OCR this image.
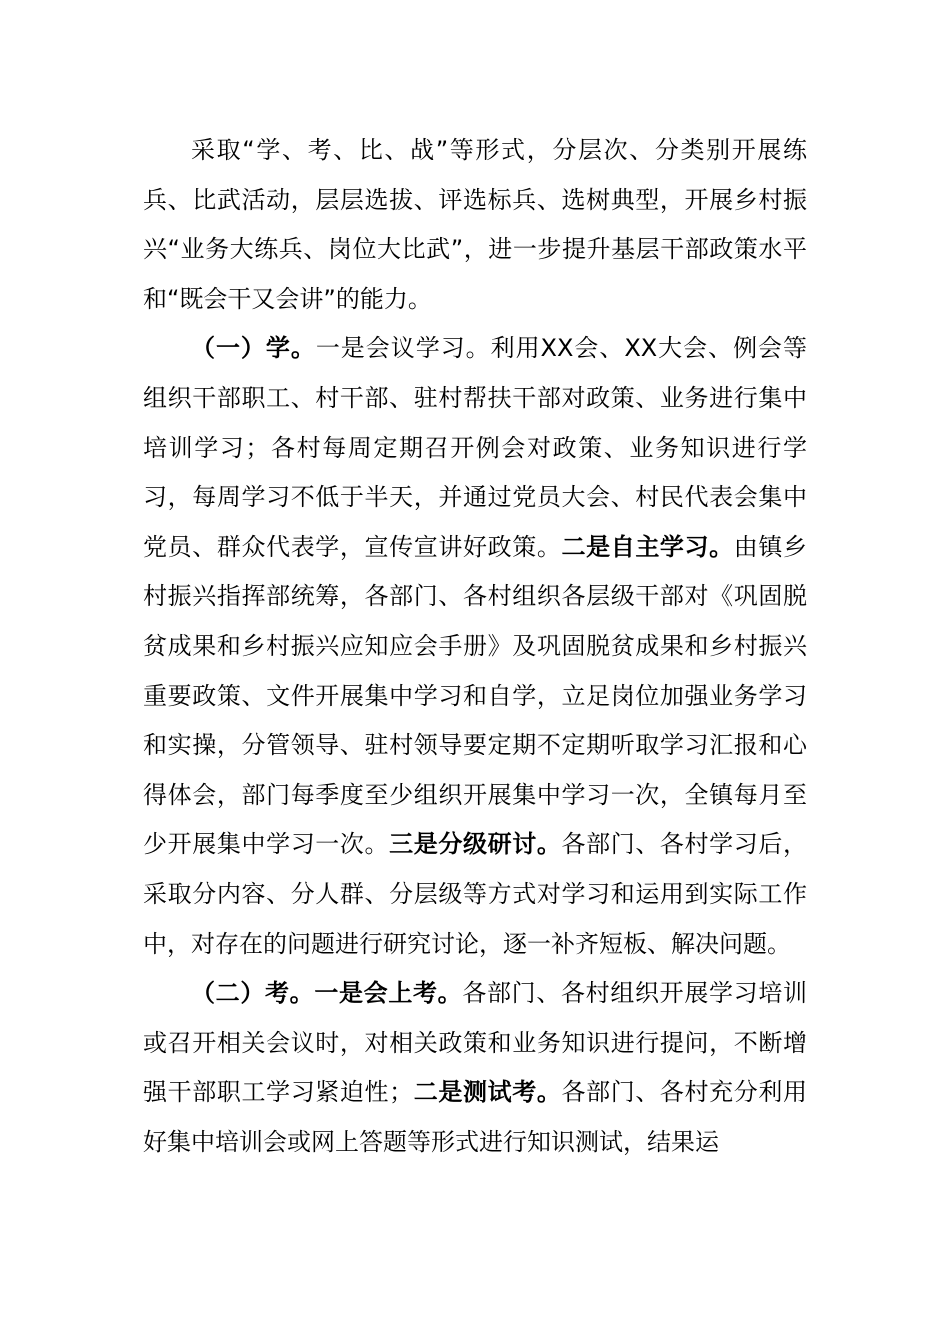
采取“学、考、比、战”等形式，分层次、分类别开展练兵、比武活动，层层选拔、评选标兵、选树典型，开展乡村振兴“业务大练兵、岗位大比武”，进一步提升基层干部政策水平和“既会干又会讲”的能力。

（一）学。一是会议学习。利用XX会、XX大会、例会等组织干部职工、村干部、驻村帮扶干部对政策、业务进行集中培训学习；各村每周定期召开例会对政策、业务知识进行学习，每周学习不低于半天，并通过党员大会、村民代表会集中党员、群众代表学，宣传宣讲好政策。二是自主学习。由镇乡村振兴指挥部统筹，各部门、各村组织各层级干部对《巩固脱贫成果和乡村振兴应知应会手册》及巩固脱贫成果和乡村振兴重要政策、文件开展集中学习和自学，立足岗位加强业务学习和实操，分管领导、驻村领导要定期不定期听取学习汇报和心得体会，部门每季度至少组织开展集中学习一次，全镇每月至少开展集中学习一次。三是分级研讨。各部门、各村学习后，采取分内容、分人群、分层级等方式对学习和运用到实际工作中，对存在的问题进行研究讨论，逐一补齐短板、解决问题。

（二）考。一是会上考。各部门、各村组织开展学习培训或召开相关会议时，对相关政策和业务知识进行提问，不断增强干部职工学习紧迫性；二是测试考。各部门、各村充分利用好集中培训会或网上答题等形式进行知识测试，结果运
